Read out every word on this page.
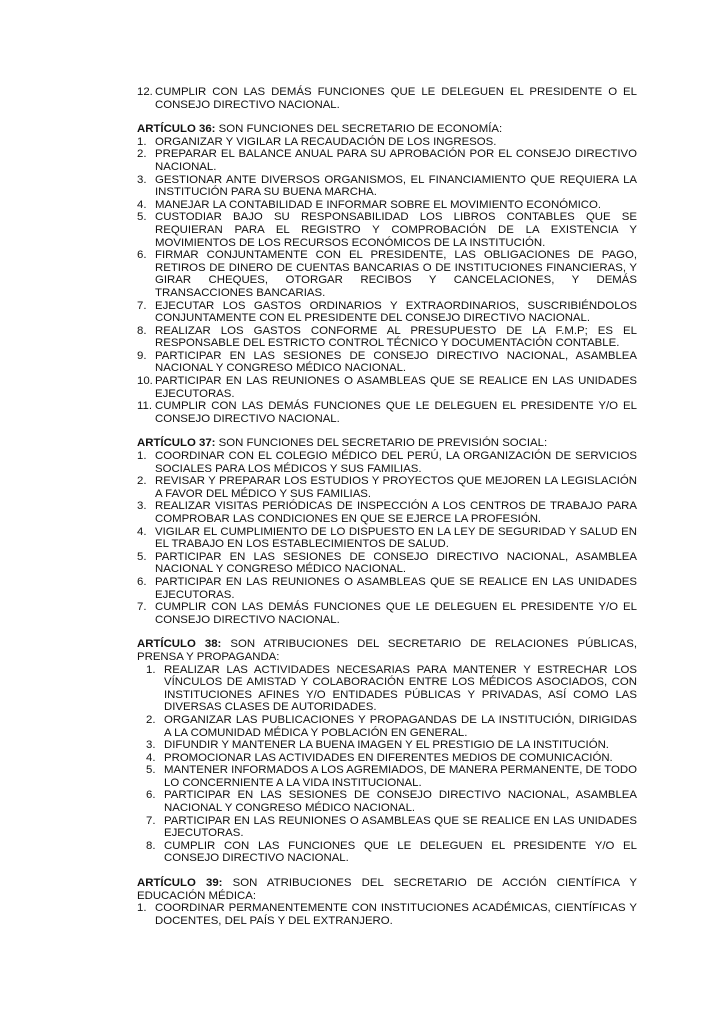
12. CUMPLIR CON LAS DEMÁS FUNCIONES QUE LE DELEGUEN EL PRESIDENTE O EL CONSEJO DIRECTIVO NACIONAL.
ARTÍCULO 36: SON FUNCIONES DEL SECRETARIO DE ECONOMÍA:
1. ORGANIZAR Y VIGILAR LA RECAUDACIÓN DE LOS INGRESOS.
2. PREPARAR EL BALANCE ANUAL PARA SU APROBACIÓN POR EL CONSEJO DIRECTIVO NACIONAL.
3. GESTIONAR ANTE DIVERSOS ORGANISMOS, EL FINANCIAMIENTO QUE REQUIERA LA INSTITUCIÓN PARA SU BUENA MARCHA.
4. MANEJAR LA CONTABILIDAD E INFORMAR SOBRE EL MOVIMIENTO ECONÓMICO.
5. CUSTODIAR BAJO SU RESPONSABILIDAD LOS LIBROS CONTABLES QUE SE REQUIERAN PARA EL REGISTRO Y COMPROBACIÓN DE LA EXISTENCIA Y MOVIMIENTOS DE LOS RECURSOS ECONÓMICOS DE LA INSTITUCIÓN.
6. FIRMAR CONJUNTAMENTE CON EL PRESIDENTE, LAS OBLIGACIONES DE PAGO, RETIROS DE DINERO DE CUENTAS BANCARIAS O DE INSTITUCIONES FINANCIERAS, Y GIRAR CHEQUES, OTORGAR RECIBOS Y CANCELACIONES, Y DEMÁS TRANSACCIONES BANCARIAS.
7. EJECUTAR LOS GASTOS ORDINARIOS Y EXTRAORDINARIOS, SUSCRIBIÉNDOLOS CONJUNTAMENTE CON EL PRESIDENTE DEL CONSEJO DIRECTIVO NACIONAL.
8. REALIZAR LOS GASTOS CONFORME AL PRESUPUESTO DE LA F.M.P; ES EL RESPONSABLE DEL ESTRICTO CONTROL TÉCNICO Y DOCUMENTACIÓN CONTABLE.
9. PARTICIPAR EN LAS SESIONES DE CONSEJO DIRECTIVO NACIONAL, ASAMBLEA NACIONAL Y CONGRESO MÉDICO NACIONAL.
10. PARTICIPAR EN LAS REUNIONES O ASAMBLEAS QUE SE REALICE EN LAS UNIDADES EJECUTORAS.
11. CUMPLIR CON LAS DEMÁS FUNCIONES QUE LE DELEGUEN EL PRESIDENTE Y/O EL CONSEJO DIRECTIVO NACIONAL.
ARTÍCULO 37: SON FUNCIONES DEL SECRETARIO DE PREVISIÓN SOCIAL:
1. COORDINAR CON EL COLEGIO MÉDICO DEL PERÚ, LA ORGANIZACIÓN DE SERVICIOS SOCIALES PARA LOS MÉDICOS Y SUS FAMILIAS.
2. REVISAR Y PREPARAR LOS ESTUDIOS Y PROYECTOS QUE MEJOREN LA LEGISLACIÓN A FAVOR DEL MÉDICO Y SUS FAMILIAS.
3. REALIZAR VISITAS PERIÓDICAS DE INSPECCIÓN A LOS CENTROS DE TRABAJO PARA COMPROBAR LAS CONDICIONES EN QUE SE EJERCE LA PROFESIÓN.
4. VIGILAR EL CUMPLIMIENTO DE LO DISPUESTO EN LA LEY DE SEGURIDAD Y SALUD EN EL TRABAJO EN LOS ESTABLECIMIENTOS DE SALUD.
5. PARTICIPAR EN LAS SESIONES DE CONSEJO DIRECTIVO NACIONAL, ASAMBLEA NACIONAL Y CONGRESO MÉDICO NACIONAL.
6. PARTICIPAR EN LAS REUNIONES O ASAMBLEAS QUE SE REALICE EN LAS UNIDADES EJECUTORAS.
7. CUMPLIR CON LAS DEMÁS FUNCIONES QUE LE DELEGUEN EL PRESIDENTE Y/O EL CONSEJO DIRECTIVO NACIONAL.
ARTÍCULO 38: SON ATRIBUCIONES DEL SECRETARIO DE RELACIONES PÚBLICAS, PRENSA Y PROPAGANDA:
1. REALIZAR LAS ACTIVIDADES NECESARIAS PARA MANTENER Y ESTRECHAR LOS VÍNCULOS DE AMISTAD Y COLABORACIÓN ENTRE LOS MÉDICOS ASOCIADOS, CON INSTITUCIONES AFINES Y/O ENTIDADES PÚBLICAS Y PRIVADAS, ASÍ COMO LAS DIVERSAS CLASES DE AUTORIDADES.
2. ORGANIZAR LAS PUBLICACIONES Y PROPAGANDAS DE LA INSTITUCIÓN, DIRIGIDAS A LA COMUNIDAD MÉDICA Y POBLACIÓN EN GENERAL.
3. DIFUNDIR Y MANTENER LA BUENA IMAGEN Y EL PRESTIGIO DE LA INSTITUCIÓN.
4. PROMOCIONAR LAS ACTIVIDADES EN DIFERENTES MEDIOS DE COMUNICACIÓN.
5. MANTENER INFORMADOS A LOS AGREMIADOS, DE MANERA PERMANENTE, DE TODO LO CONCERNIENTE A LA VIDA INSTITUCIONAL.
6. PARTICIPAR EN LAS SESIONES DE CONSEJO DIRECTIVO NACIONAL, ASAMBLEA NACIONAL Y CONGRESO MÉDICO NACIONAL.
7. PARTICIPAR EN LAS REUNIONES O ASAMBLEAS QUE SE REALICE EN LAS UNIDADES EJECUTORAS.
8. CUMPLIR CON LAS FUNCIONES QUE LE DELEGUEN EL PRESIDENTE Y/O EL CONSEJO DIRECTIVO NACIONAL.
ARTÍCULO 39: SON ATRIBUCIONES DEL SECRETARIO DE ACCIÓN CIENTÍFICA Y EDUCACIÓN MÉDICA:
1. COORDINAR PERMANENTEMENTE CON INSTITUCIONES ACADÉMICAS, CIENTÍFICAS Y DOCENTES, DEL PAÍS Y DEL EXTRANJERO.
